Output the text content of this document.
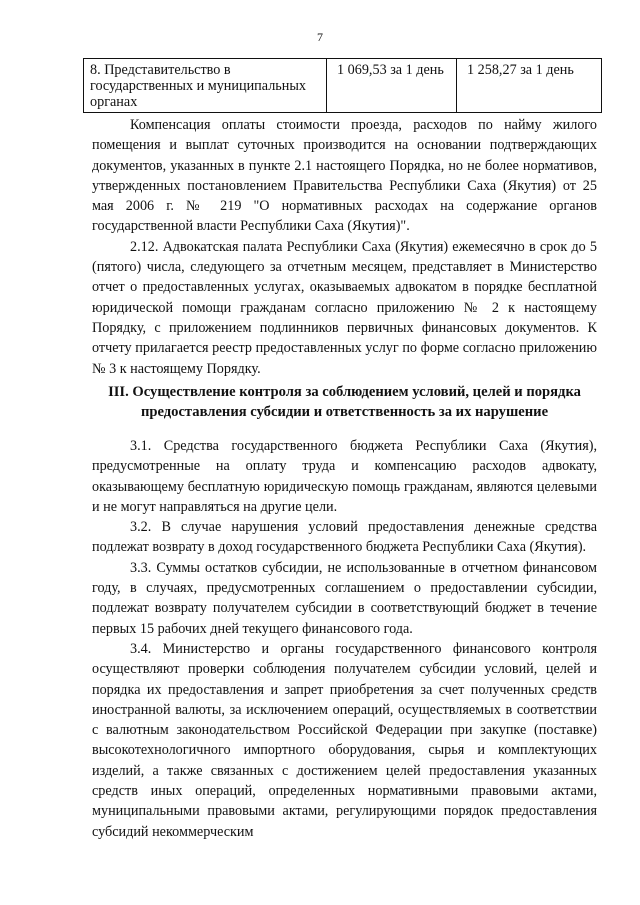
7
8. Представительство в государственных и муниципальных органах	1 069,53 за 1 день	1 258,27 за 1 день

Компенсация оплаты стоимости проезда, расходов по найму жилого помещения и выплат суточных производится на основании подтверждающих документов, указанных в пункте 2.1 настоящего Порядка, но не более нормативов, утвержденных постановлением Правительства Республики Саха (Якутия) от 25 мая 2006 г. № 219 "О нормативных расходах на содержание органов государственной власти Республики Саха (Якутия)".

2.12. Адвокатская палата Республики Саха (Якутия) ежемесячно в срок до 5 (пятого) числа, следующего за отчетным месяцем, представляет в Министерство отчет о предоставленных услугах, оказываемых адвокатом в порядке бесплатной юридической помощи гражданам согласно приложению № 2 к настоящему Порядку, с приложением подлинников первичных финансовых документов. К отчету прилагается реестр предоставленных услуг по форме согласно приложению № 3 к настоящему Порядку.

III. Осуществление контроля за соблюдением условий, целей и порядка
предоставления субсидии и ответственность за их нарушение

3.1. Средства государственного бюджета Республики Саха (Якутия), предусмотренные на оплату труда и компенсацию расходов адвокату, оказывающему бесплатную юридическую помощь гражданам, являются целевыми и не могут направляться на другие цели.

3.2. В случае нарушения условий предоставления денежные средства подлежат возврату в доход государственного бюджета Республики Саха (Якутия).

3.3. Суммы остатков субсидии, не использованные в отчетном финансовом году, в случаях, предусмотренных соглашением о предоставлении субсидии, подлежат возврату получателем субсидии в соответствующий бюджет в течение первых 15 рабочих дней текущего финансового года.

3.4. Министерство и органы государственного финансового контроля осуществляют проверки соблюдения получателем субсидии условий, целей и порядка их предоставления и запрет приобретения за счет полученных средств иностранной валюты, за исключением операций, осуществляемых в соответствии с валютным законодательством Российской Федерации при закупке (поставке) высокотехнологичного импортного оборудования, сырья и комплектующих изделий, а также связанных с достижением целей предоставления указанных средств иных операций, определенных нормативными правовыми актами, муниципальными правовыми актами, регулирующими порядок предоставления субсидий некоммерческим
